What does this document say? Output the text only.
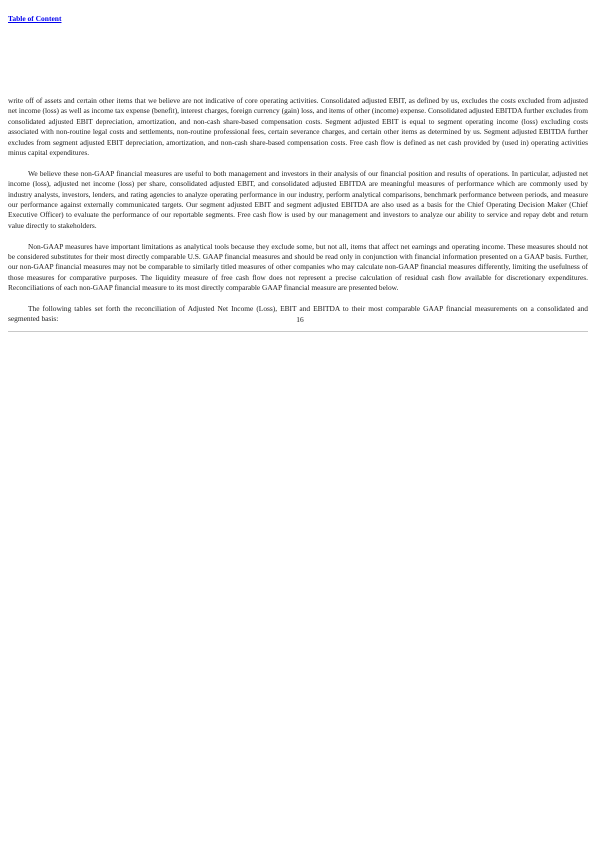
Table of Content

write off of assets and certain other items that we believe are not indicative of core operating activities. Consolidated adjusted EBIT, as defined by us, excludes the costs excluded from adjusted net income (loss) as well as income tax expense (benefit), interest charges, foreign currency (gain) loss, and items of other (income) expense. Consolidated adjusted EBITDA further excludes from consolidated adjusted EBIT depreciation, amortization, and non-cash share-based compensation costs. Segment adjusted EBIT is equal to segment operating income (loss) excluding costs associated with non-routine legal costs and settlements, non-routine professional fees, certain severance charges, and certain other items as determined by us. Segment adjusted EBITDA further excludes from segment adjusted EBIT depreciation, amortization, and non-cash share-based compensation costs. Free cash flow is defined as net cash provided by (used in) operating activities minus capital expenditures.

We believe these non-GAAP financial measures are useful to both management and investors in their analysis of our financial position and results of operations. In particular, adjusted net income (loss), adjusted net income (loss) per share, consolidated adjusted EBIT, and consolidated adjusted EBITDA are meaningful measures of performance which are commonly used by industry analysts, investors, lenders, and rating agencies to analyze operating performance in our industry, perform analytical comparisons, benchmark performance between periods, and measure our performance against externally communicated targets. Our segment adjusted EBIT and segment adjusted EBITDA are also used as a basis for the Chief Operating Decision Maker (Chief Executive Officer) to evaluate the performance of our reportable segments. Free cash flow is used by our management and investors to analyze our ability to service and repay debt and return value directly to stakeholders.

Non-GAAP measures have important limitations as analytical tools because they exclude some, but not all, items that affect net earnings and operating income. These measures should not be considered substitutes for their most directly comparable U.S. GAAP financial measures and should be read only in conjunction with financial information presented on a GAAP basis. Further, our non-GAAP financial measures may not be comparable to similarly titled measures of other companies who may calculate non-GAAP financial measures differently, limiting the usefulness of those measures for comparative purposes. The liquidity measure of free cash flow does not represent a precise calculation of residual cash flow available for discretionary expenditures. Reconciliations of each non-GAAP financial measure to its most directly comparable GAAP financial measure are presented below.

The following tables set forth the reconciliation of Adjusted Net Income (Loss), EBIT and EBITDA to their most comparable GAAP financial measurements on a consolidated and segmented basis:	16
